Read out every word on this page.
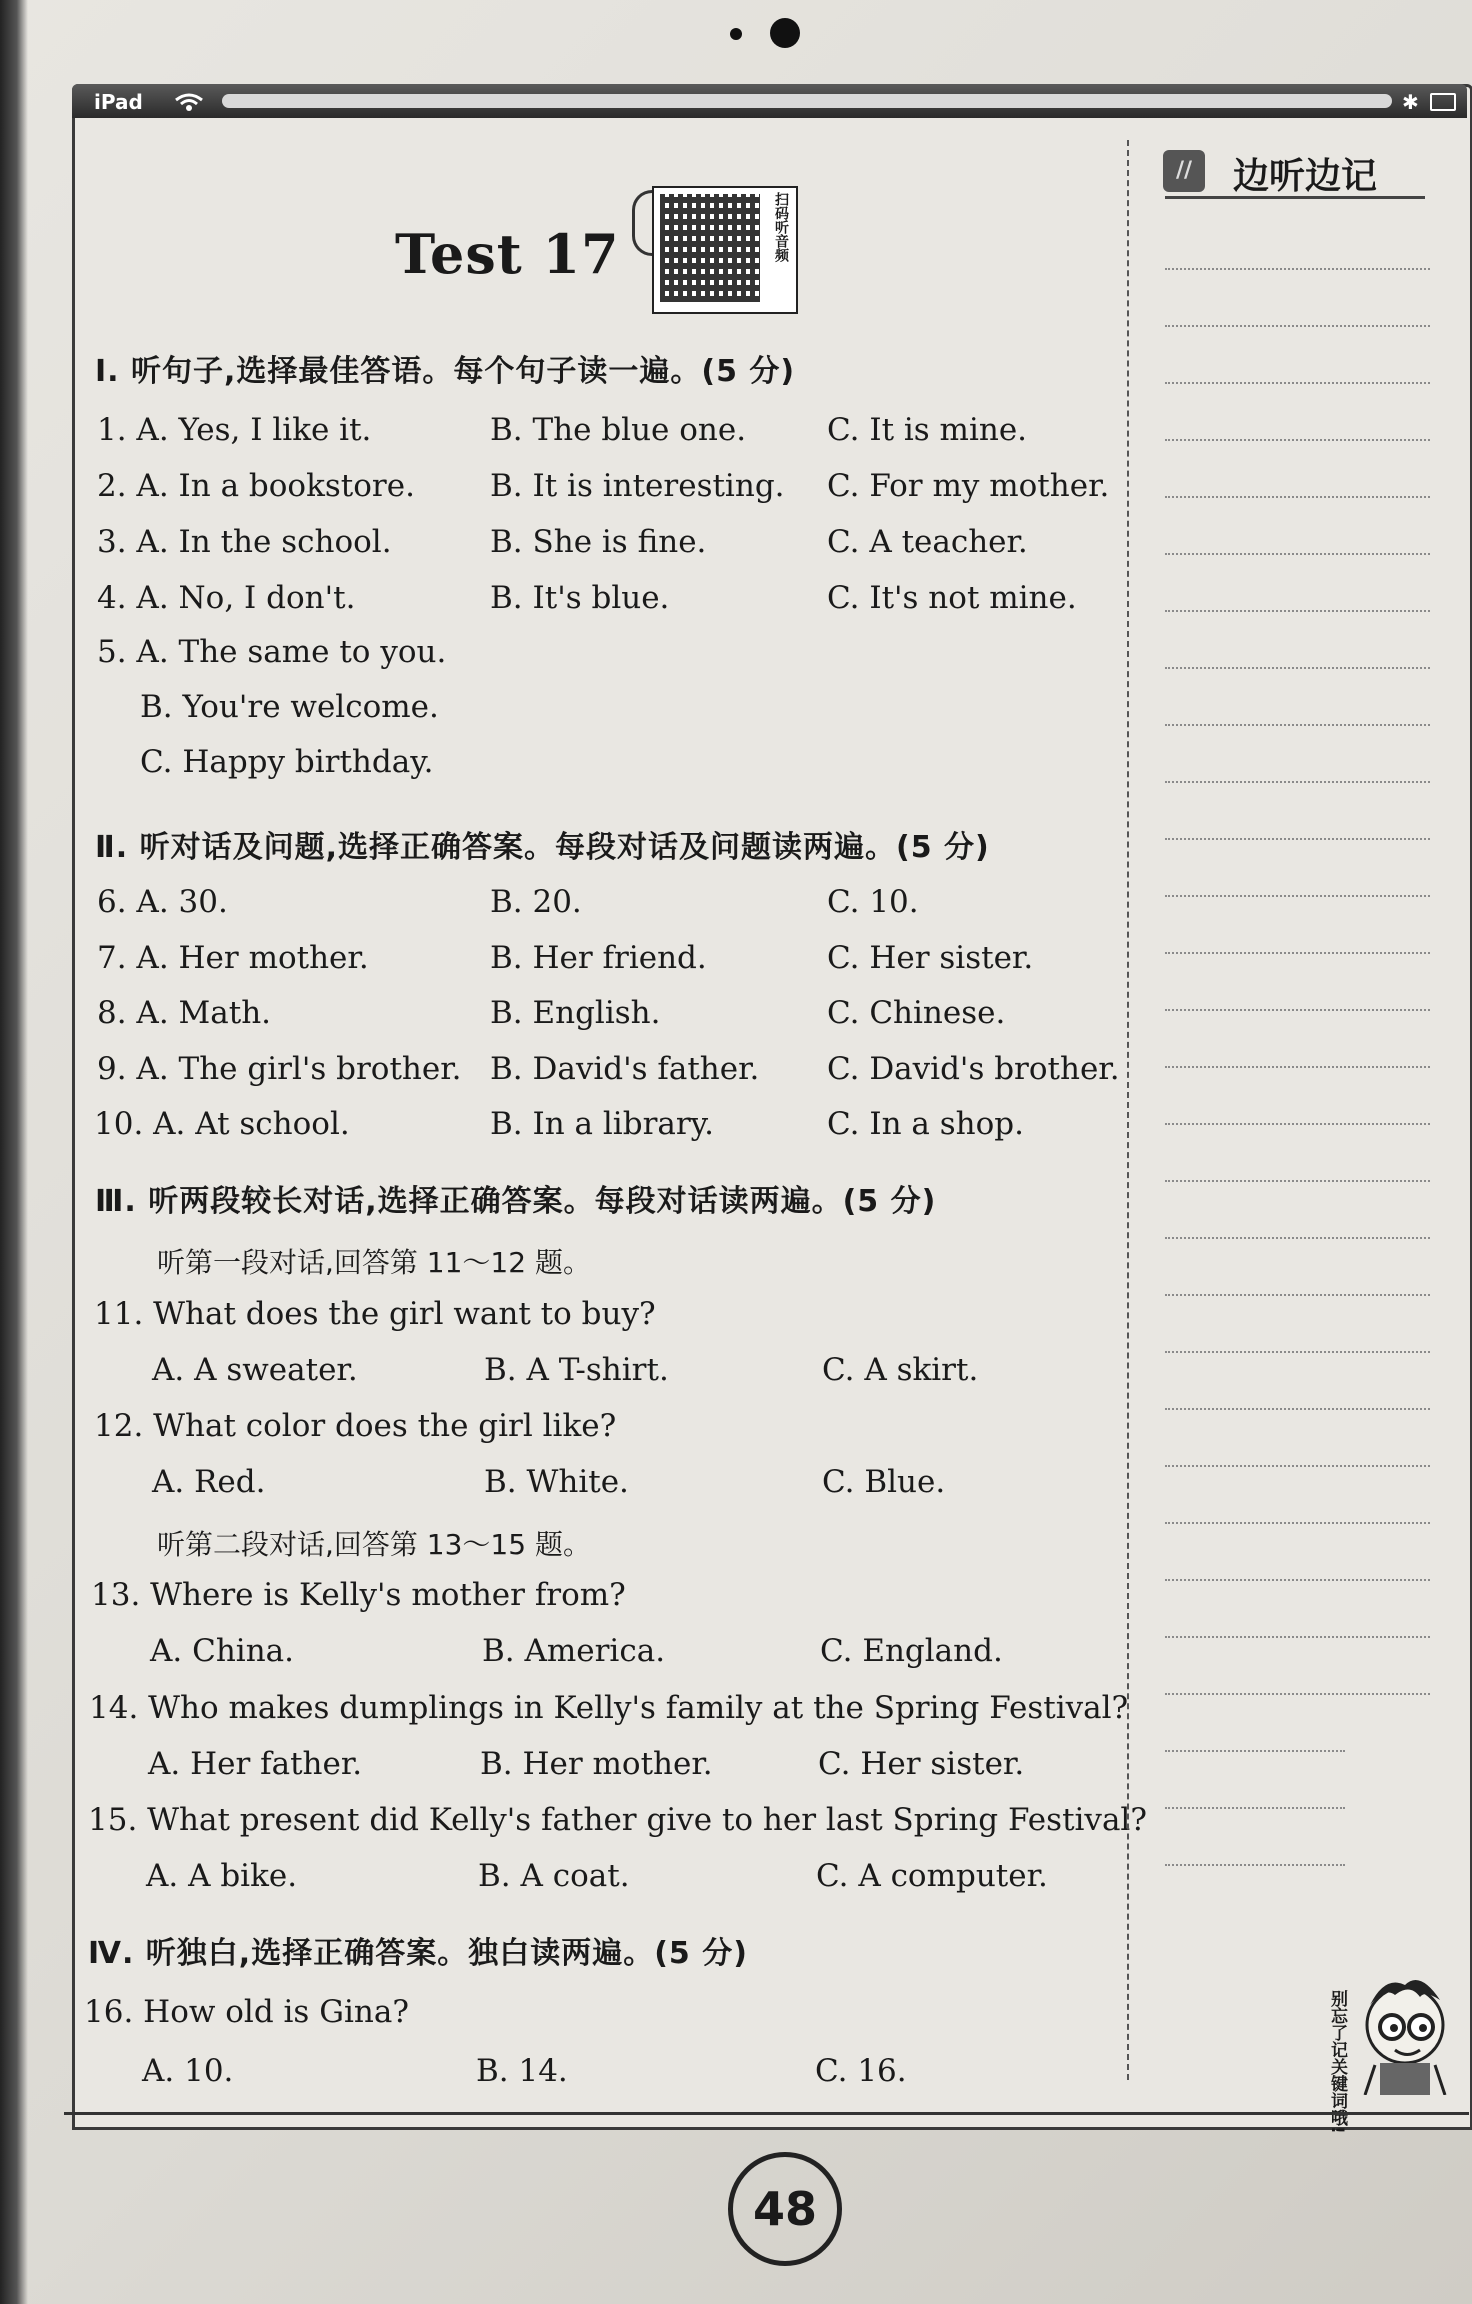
iPad	✱
Test 17	扫码听音频
Ⅰ. 听句子,选择最佳答语。每个句子读一遍。(5 分)
1. A. Yes, I like it.	B. The blue one.	C. It is mine.
2. A. In a bookstore. B. It is interesting. C. For my mother.
3. A. In the school.	B. She is fine.	C. A teacher.
4. A. No, I don't.	B. It's blue.	C. It's not mine.
5. A. The same to you.
B. You're welcome.
C. Happy birthday.
Ⅱ. 听对话及问题,选择正确答案。每段对话及问题读两遍。(5 分)
6. A. 30.	B. 20.	C. 10.
7. A. Her mother.	B. Her friend.	C. Her sister.
8. A. Math.	B. English.	C. Chinese.
9. A. The girl's brother. B. David's father. C. David's brother.
10. A. At school.	B. In a library.	C. In a shop.
Ⅲ. 听两段较长对话,选择正确答案。每段对话读两遍。(5 分)
听第一段对话,回答第 11～12 题。
11. What does the girl want to buy?
A. A sweater.	B. A T-shirt.	C. A skirt.
12. What color does the girl like?
A. Red.	B. White.	C. Blue.
听第二段对话,回答第 13～15 题。
13. Where is Kelly's mother from?
A. China.	B. America.	C. England.
14. Who makes dumplings in Kelly's family at the Spring Festival?
A. Her father.	B. Her mother.	C. Her sister.
15. What present did Kelly's father give to her last Spring Festival?
A. A bike.	B. A coat.	C. A computer.
Ⅳ. 听独白,选择正确答案。独白读两遍。(5 分)
16. How old is Gina?
A. 10.	B. 14.	C. 16.
//	边听边记
别忘了记关键词哦!
48
